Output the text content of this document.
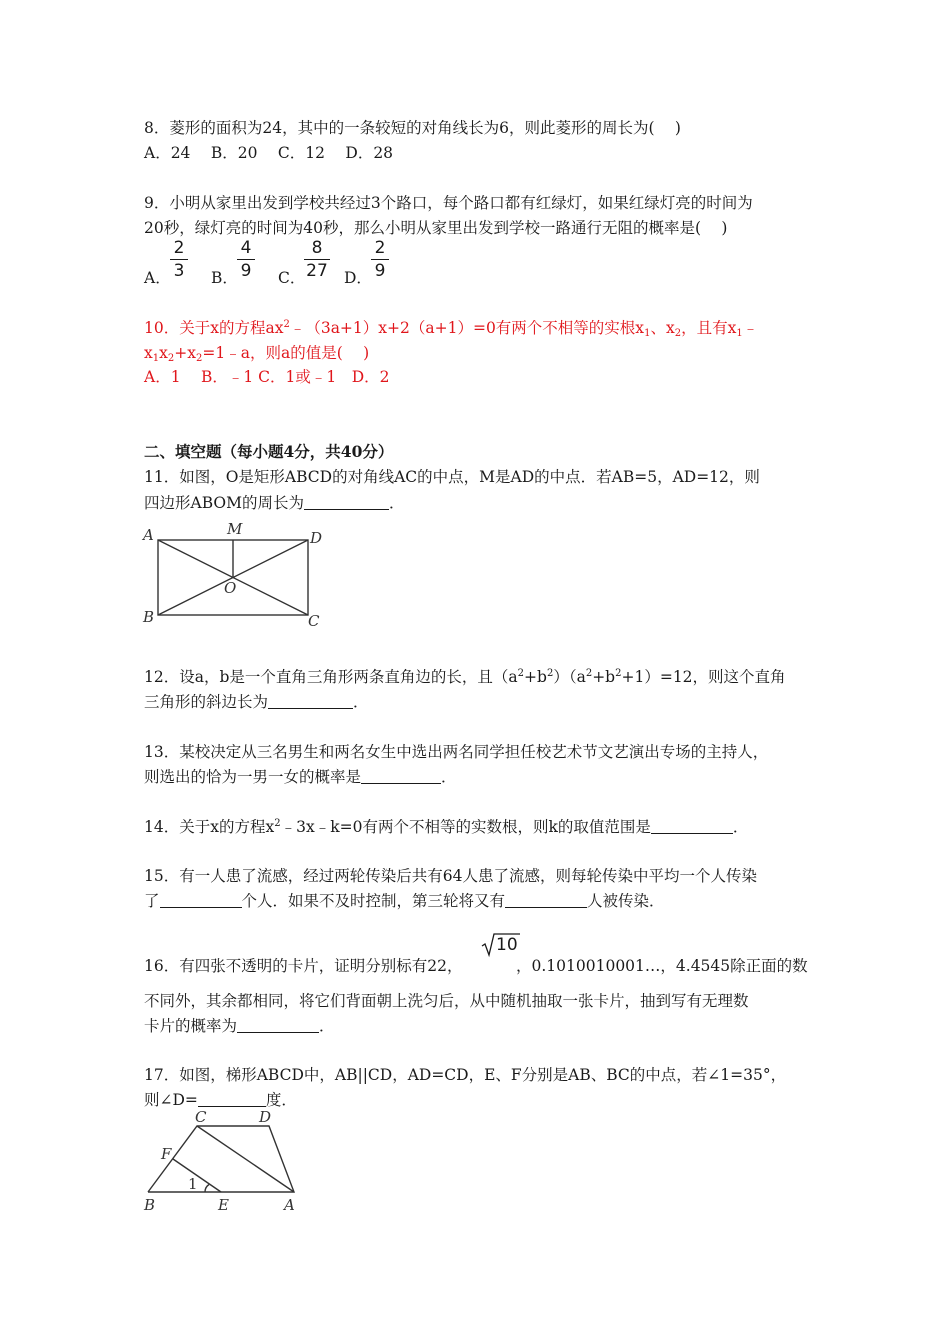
8．菱形的面积为24，其中的一条较短的对角线长为6，则此菱形的周长为(　 )
A．24　 B．20　 C．12　 D．28
9．小明从家里出发到学校共经过3个路口，每个路口都有红绿灯，如果红绿灯亮的时间为
20秒，绿灯亮的时间为40秒，那么小明从家里出发到学校一路通行无阻的概率是(　 )
A．
2
3 B．
4
9 C．
8
27 D．
2
9
10．关于x的方程$ax^2﹣(3a+1)x+2(a+1)=0$有两个不相等的实根$x_1$、$x_2$，且有$x_1﹣$
$x_1x_2+x_2=1﹣a$，则a的值是(　 )
A．1　 B．﹣1 C．1或﹣1　D．2
二、填空题（每小题4分，共40分）
11．如图，O是矩形ABCD的对角线AC的中点，M是AD的中点．若AB=5，AD=12，则
四边形ABOM的周长为	．
A	M	D
O
B	C
12．设a，b是一个直角三角形两条直角边的长，且$(a^2+b^2)(a^2+b^2+1)=12$，则这个直角
三角形的斜边长为	．
13．某校决定从三名男生和两名女生中选出两名同学担任校艺术节文艺演出专场的主持人，
则选出的恰为一男一女的概率是	．
14．关于x的方程$x^2﹣3x﹣k=0$有两个不相等的实数根，则k的取值范围是	．
15．有一人患了流感，经过两轮传染后共有64人患了流感，则每轮传染中平均一个人传染
了	个人．如果不及时控制，第三轮将又有	人被传染．
16．有四张不透明的卡片，证明分别标有22，
10
，0.1010010001…，4.4545除正面的数
不同外，其余都相同，将它们背面朝上洗匀后，从中随机抽取一张卡片，抽到写有无理数
卡片的概率为	．
17．如图，梯形ABCD中，AB||CD，AD=CD，E、F分别是AB、BC的中点，若∠1=35°，
则∠D=	度．
C	D
F
1
B	E	A
